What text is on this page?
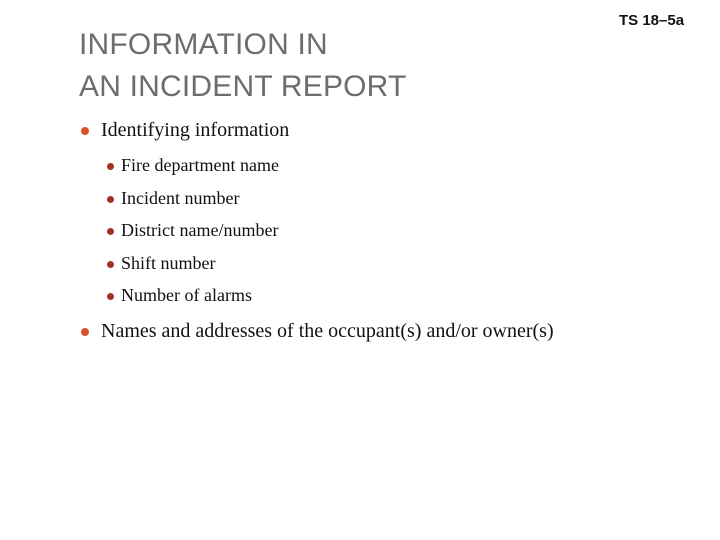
INFORMATION IN
AN INCIDENT REPORT
TS 18–5a
Identifying information
Fire department name
Incident number
District name/number
Shift number
Number of alarms
Names and addresses of the occupant(s) and/or owner(s)
